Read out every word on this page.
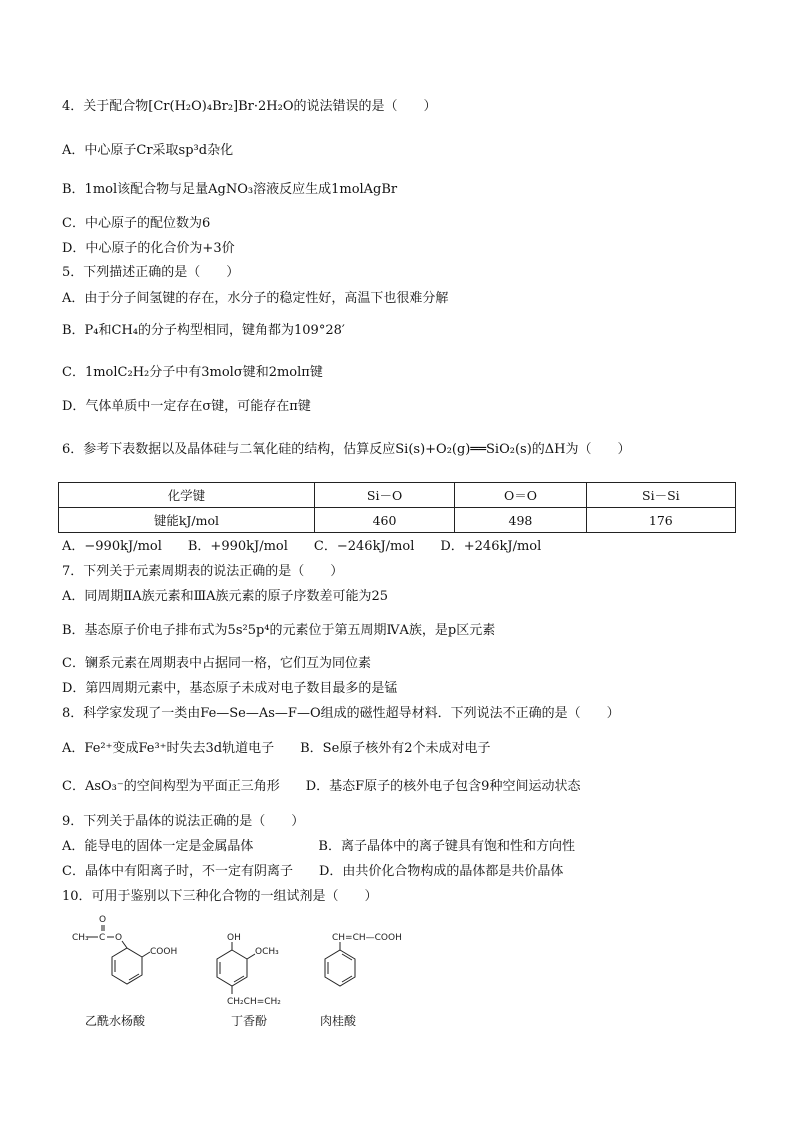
4．关于配合物[Cr(H₂O)₄Br₂]Br·2H₂O的说法错误的是（　　）
A．中心原子Cr采取sp³d杂化
B．1mol该配合物与足量AgNO₃溶液反应生成1molAgBr
C．中心原子的配位数为6
D．中心原子的化合价为+3价
5．下列描述正确的是（　　）
A．由于分子间氢键的存在，水分子的稳定性好，高温下也很难分解
B．P₄和CH₄的分子构型相同，键角都为109°28′
C．1molC₂H₂分子中有3molσ键和2molπ键
D．气体单质中一定存在σ键，可能存在π键
6．参考下表数据以及晶体硅与二氧化硅的结构，估算反应Si(s)+O₂(g)══SiO₂(s)的ΔH为（　　）
化学键	Si－O	O＝O	Si－Si
键能kJ/mol	460	498	176
A．−990kJ/mol　　B．+990kJ/mol　　C．−246kJ/mol　　D．+246kJ/mol
7．下列关于元素周期表的说法正确的是（　　）
A．同周期ⅡA族元素和ⅢA族元素的原子序数差可能为25
B．基态原子价电子排布式为5s²5p⁴的元素位于第五周期ⅣA族，是p区元素
C．镧系元素在周期表中占据同一格，它们互为同位素
D．第四周期元素中，基态原子未成对电子数目最多的是锰
8．科学家发现了一类由Fe—Se—As—F—O组成的磁性超导材料．下列说法不正确的是（　　）
A．Fe²⁺变成Fe³⁺时失去3d轨道电子　　B．Se原子核外有2个未成对电子
C．AsO₃⁻的空间构型为平面正三角形　　D．基态F原子的核外电子包含9种空间运动状态
9．下列关于晶体的说法正确的是（　　）
A．能导电的固体一定是金属晶体　　　　　B．离子晶体中的离子键具有饱和性和方向性
C．晶体中有阳离子时，不一定有阴离子　　D．由共价化合物构成的晶体都是共价晶体
10．可用于鉴别以下三种化合物的一组试剂是（　　）
CH₃ C
O
O
COOH
乙酰水杨酸
OH
OCH₃
CH₂CH=CH₂
丁香酚
CH=CH—COOH
肉桂酸
